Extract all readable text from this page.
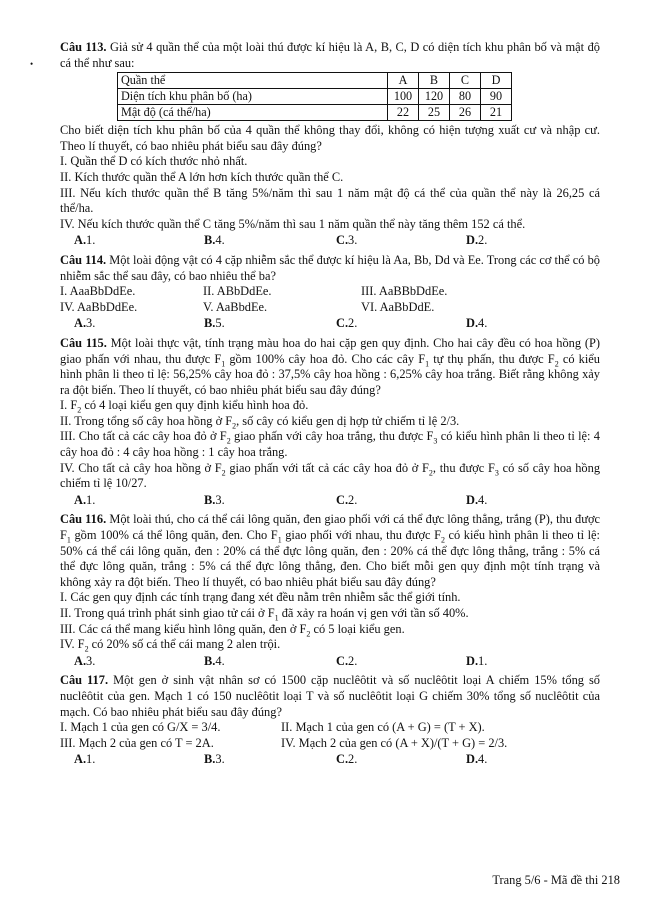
•

Câu 113. Giả sử 4 quần thể của một loài thú được kí hiệu là A, B, C, D có diện tích khu phân bố và mật độ cá thể như sau:

Quần thể	A	B	C	D
Diện tích khu phân bố (ha)	100	120	80	90
Mật độ (cá thể/ha)	22	25	26	21

Cho biết diện tích khu phân bố của 4 quần thể không thay đổi, không có hiện tượng xuất cư và nhập cư. Theo lí thuyết, có bao nhiêu phát biểu sau đây đúng?

I. Quần thể D có kích thước nhỏ nhất.

II. Kích thước quần thể A lớn hơn kích thước quần thể C.

III. Nếu kích thước quần thể B tăng 5%/năm thì sau 1 năm mật độ cá thể của quần thể này là 26,25 cá thể/ha.

IV. Nếu kích thước quần thể C tăng 5%/năm thì sau 1 năm quần thể này tăng thêm 152 cá thể.

A.1.	B.4.	C.3.	D.2.

Câu 114. Một loài động vật có 4 cặp nhiễm sắc thể được kí hiệu là Aa, Bb, Dd và Ee. Trong các cơ thể có bộ nhiễm sắc thể sau đây, có bao nhiêu thể ba?

I. AaaBbDdEe.	II. ABbDdEe.	III. AaBBbDdEe.
IV. AaBbDdEe.	V. AaBbdEe.	VI. AaBbDdE.
A.3.	B.5.	C.2.	D.4.

Câu 115. Một loài thực vật, tính trạng màu hoa do hai cặp gen quy định. Cho hai cây đều có hoa hồng (P) giao phấn với nhau, thu được $F_1$ gồm 100% cây hoa đỏ. Cho các cây $F_1$ tự thụ phấn, thu được $F_2$ có kiểu hình phân li theo tỉ lệ: 56,25% cây hoa đỏ : 37,5% cây hoa hồng : 6,25% cây hoa trắng. Biết rằng không xảy ra đột biến. Theo lí thuyết, có bao nhiêu phát biểu sau đây đúng?

I. $F_2$ có 4 loại kiểu gen quy định kiểu hình hoa đỏ.

II. Trong tổng số cây hoa hồng ở $F_2$, số cây có kiểu gen dị hợp tử chiếm tỉ lệ 2/3.

III. Cho tất cả các cây hoa đỏ ở $F_2$ giao phấn với cây hoa trắng, thu được $F_3$ có kiểu hình phân li theo tỉ lệ: 4 cây hoa đỏ : 4 cây hoa hồng : 1 cây hoa trắng.

IV. Cho tất cả cây hoa hồng ở $F_2$ giao phấn với tất cả các cây hoa đỏ ở $F_2$, thu được $F_3$ có số cây hoa hồng chiếm tỉ lệ 10/27.

A.1.	B.3.	C.2.	D.4.

Câu 116. Một loài thú, cho cá thể cái lông quăn, đen giao phối với cá thể đực lông thẳng, trắng (P), thu được $F_1$ gồm 100% cá thể lông quăn, đen. Cho $F_1$ giao phối với nhau, thu được $F_2$ có kiểu hình phân li theo tỉ lệ: 50% cá thể cái lông quăn, đen : 20% cá thể đực lông quăn, đen : 20% cá thể đực lông thẳng, trắng : 5% cá thể đực lông quăn, trắng : 5% cá thể đực lông thẳng, đen. Cho biết mỗi gen quy định một tính trạng và không xảy ra đột biến. Theo lí thuyết, có bao nhiêu phát biểu sau đây đúng?

I. Các gen quy định các tính trạng đang xét đều nằm trên nhiễm sắc thể giới tính.

II. Trong quá trình phát sinh giao tử cái ở $F_1$ đã xảy ra hoán vị gen với tần số 40%.

III. Các cá thể mang kiểu hình lông quăn, đen ở $F_2$ có 5 loại kiểu gen.

IV. $F_2$ có 20% số cá thể cái mang 2 alen trội.

A.3.	B.4.	C.2.	D.1.

Câu 117. Một gen ở sinh vật nhân sơ có 1500 cặp nuclêôtit và số nuclêôtit loại A chiếm 15% tổng số nuclêôtit của gen. Mạch 1 có 150 nuclêôtit loại T và số nuclêôtit loại G chiếm 30% tổng số nuclêôtit của mạch. Có bao nhiêu phát biểu sau đây đúng?

I. Mạch 1 của gen có G/X = 3/4.	II. Mạch 1 của gen có (A + G) = (T + X).
III. Mạch 2 của gen có T = 2A.	IV. Mạch 2 của gen có (A + X)/(T + G) = 2/3.
A.1.	B.3.	C.2.	D.4.
Trang 5/6 - Mã đề thi 218
